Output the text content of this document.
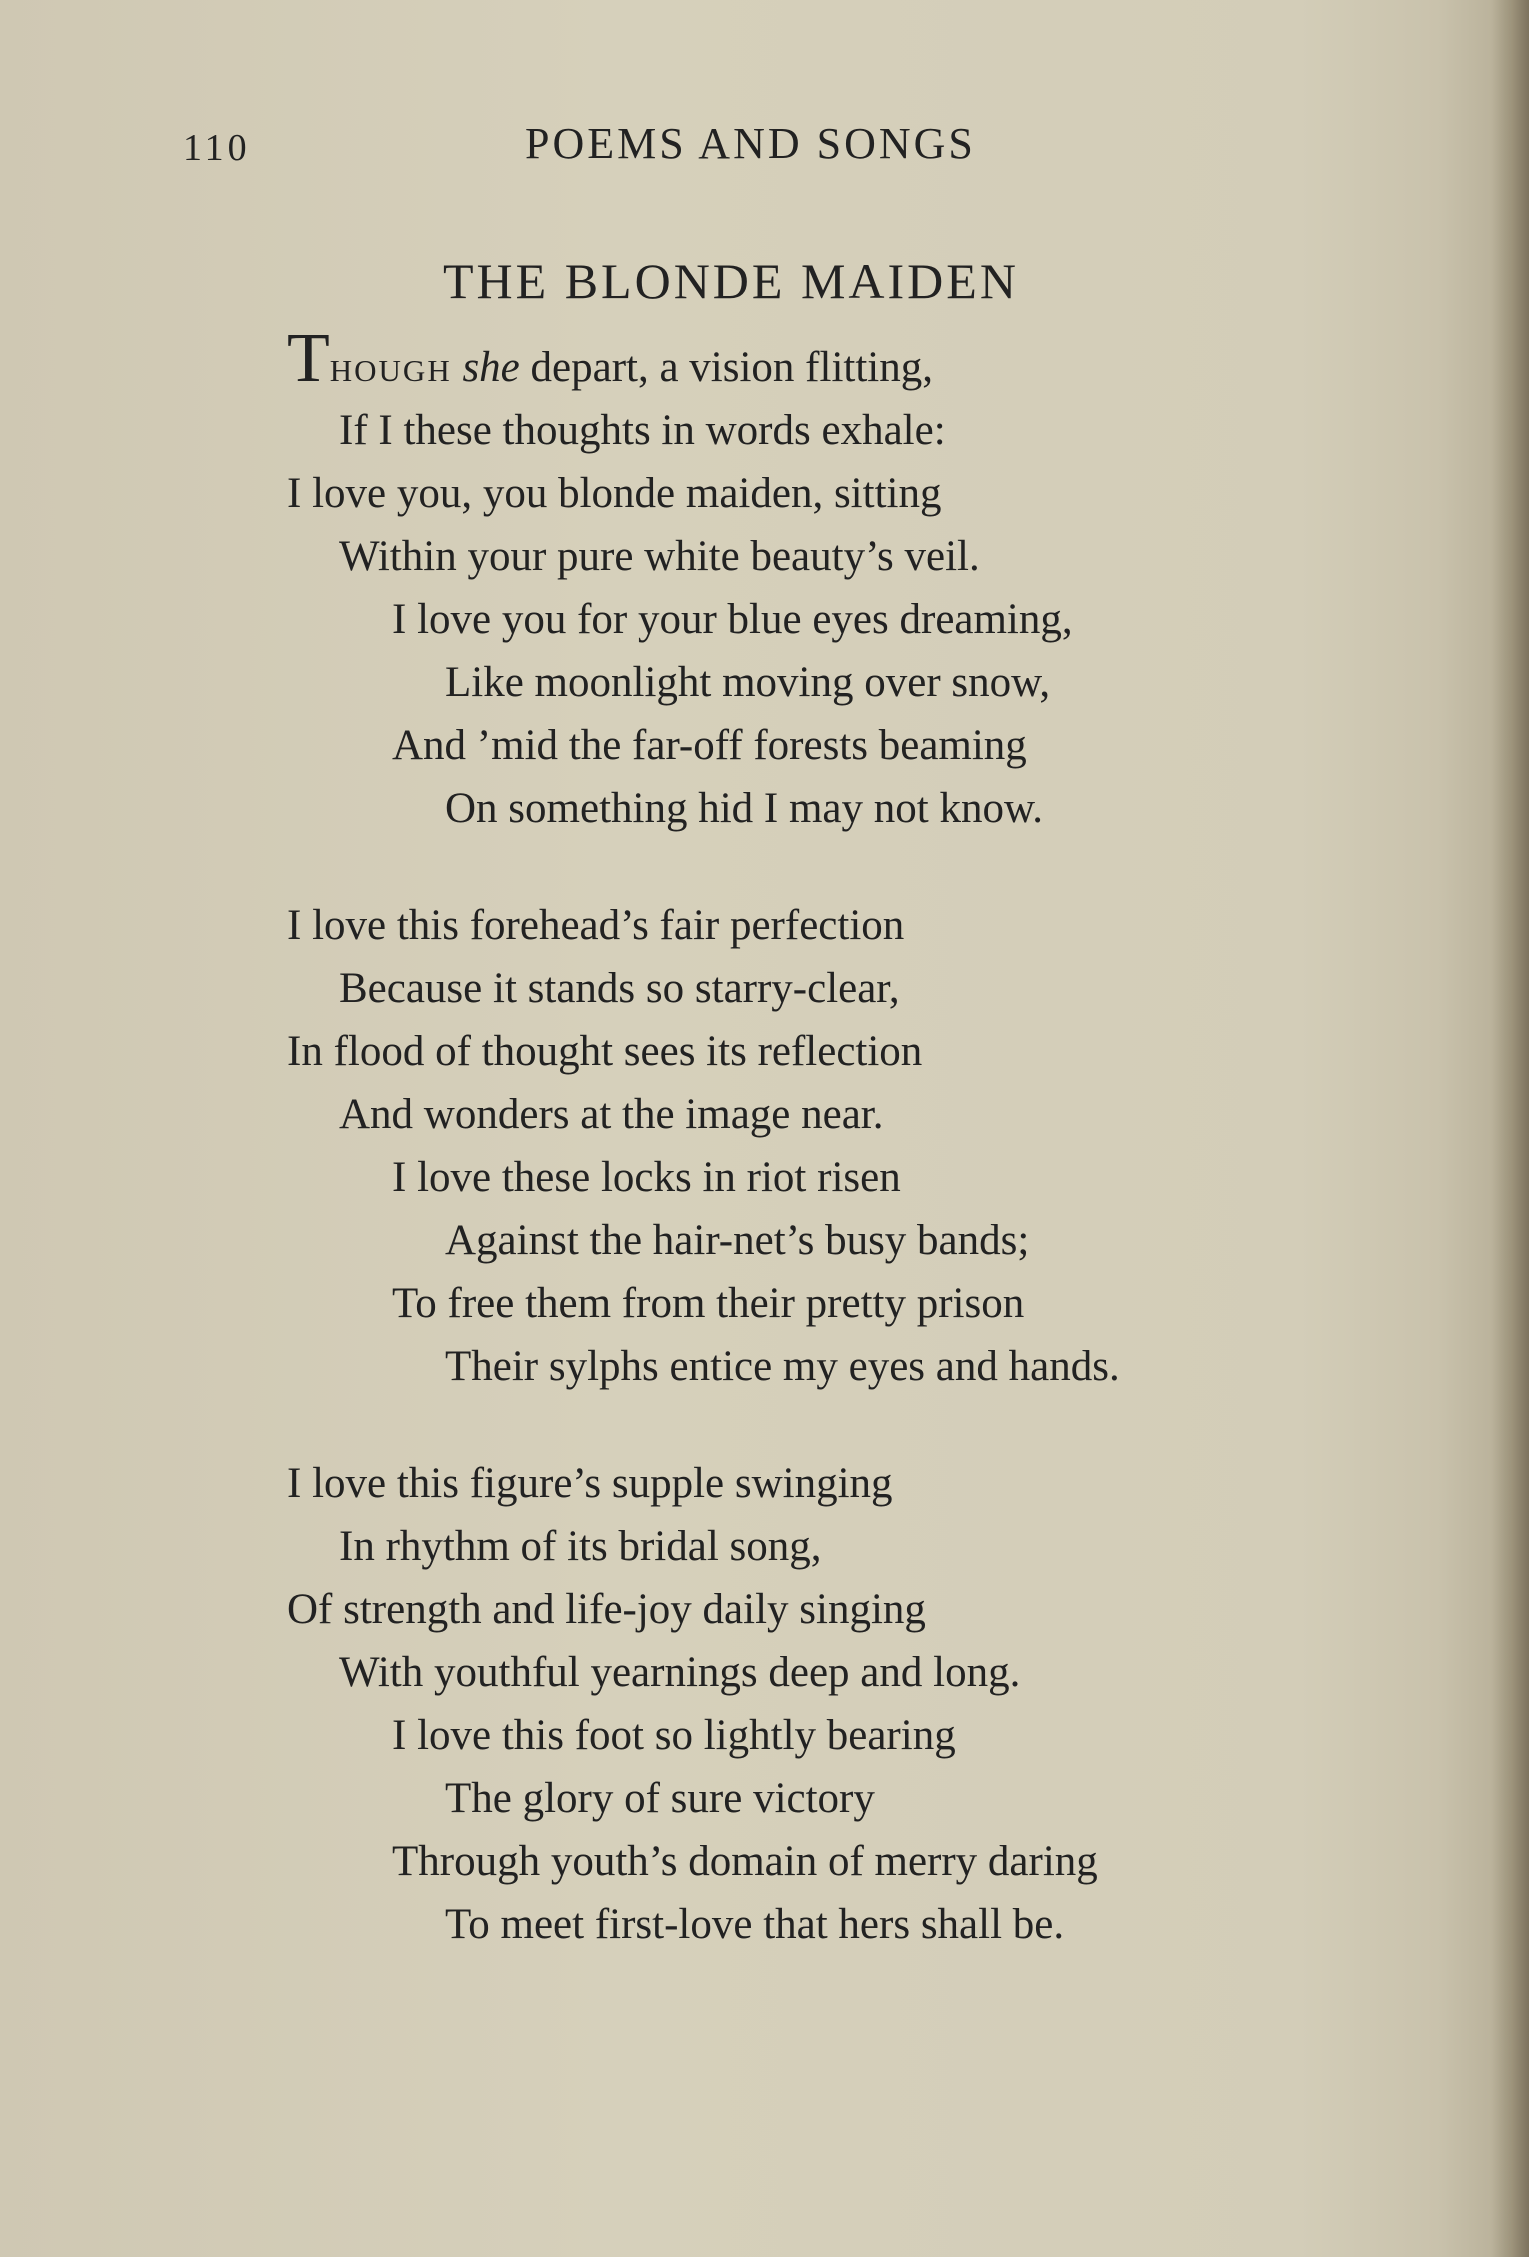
110	POEMS AND SONGS
THE BLONDE MAIDEN
THOUGH she depart, a vision flitting,
If I these thoughts in words exhale:
I love you, you blonde maiden, sitting
Within your pure white beauty’s veil.
I love you for your blue eyes dreaming,
Like moonlight moving over snow,
And ’mid the far-off forests beaming
On something hid I may not know.
I love this forehead’s fair perfection
Because it stands so starry-clear,
In flood of thought sees its reflection
And wonders at the image near.
I love these locks in riot risen
Against the hair-net’s busy bands;
To free them from their pretty prison
Their sylphs entice my eyes and hands.
I love this figure’s supple swinging
In rhythm of its bridal song,
Of strength and life-joy daily singing
With youthful yearnings deep and long.
I love this foot so lightly bearing
The glory of sure victory
Through youth’s domain of merry daring
To meet first-love that hers shall be.
